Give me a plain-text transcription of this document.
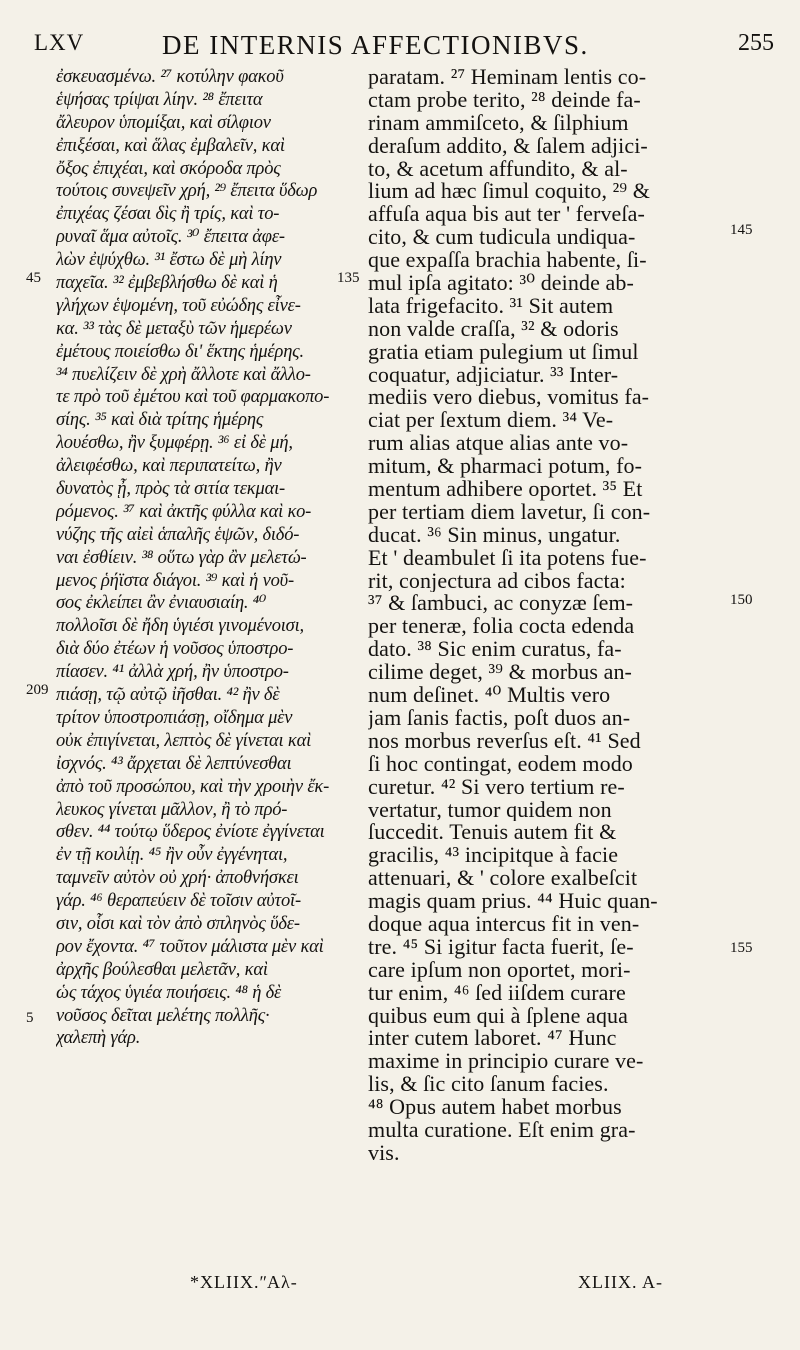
LXV	DE INTERNIS AFFECTIONIBVS.	255
ἐσκευασμένω. ²⁷ κοτύλην φακοῦ
ἑψήσας τρίψαι λίην. ²⁸ ἔπειτα
ἄλευρον ὑπομίξαι, καὶ σίλφιον
ἐπιξέσαι, καὶ ἅλας ἐμβαλεῖν, καὶ
ὄξος ἐπιχέαι, καὶ σκόροδα πρὸς
τούτοις συνεψεῖν χρή, ²⁹ ἔπειτα ὕδωρ
ἐπιχέας ζέσαι δὶς ἢ τρίς, καὶ το-
ρυναῖ ἅμα αὐτοῖς. ³⁰ ἔπειτα ἀφε-
λὼν ἐψύχθω. ³¹ ἔστω δὲ μὴ λίην
παχεῖα. ³² ἐμβεβλήσθω δὲ καὶ ἡ
γλήχων ἑψομένη, τοῦ εὐώδης εἶνε-
κα. ³³ τὰς δὲ μεταξὺ τῶν ἡμερέων
ἐμέτους ποιείσθω δι' ἕκτης ἡμέρης.
³⁴ πυελίζειν δὲ χρὴ ἄλλοτε καὶ ἄλλο-
τε πρὸ τοῦ ἐμέτου καὶ τοῦ φαρμακοπο-
σίης. ³⁵ καὶ διὰ τρίτης ἡμέρης
λουέσθω, ἢν ξυμφέρῃ. ³⁶ εἰ δὲ μή,
ἀλειφέσθω, καὶ περιπατείτω, ἢν
δυνατὸς ᾖ, πρὸς τὰ σιτία τεκμαι-
ρόμενος. ³⁷ καὶ ἀκτῆς φύλλα καὶ κο-
νύζης τῆς αἰεὶ ἁπαλῆς ἑψῶν, διδό-
ναι ἐσθίειν. ³⁸ οὕτω γὰρ ἂν μελετώ-
μενος ῥήϊστα διάγοι. ³⁹ καὶ ἡ νοῦ-
σος ἐκλείπει ἂν ἐνιαυσιαίη. ⁴⁰
πολλοῖσι δὲ ἤδη ὑγιέσι γινομένοισι,
διὰ δύο ἐτέων ἡ νοῦσος ὑποστρο-
πίασεν. ⁴¹ ἀλλὰ χρή, ἢν ὑποστρο-
πιάσῃ, τῷ αὐτῷ ἰῆσθαι. ⁴² ἢν δὲ
τρίτον ὑποστροπιάσῃ, οἴδημα μὲν
οὐκ ἐπιγίνεται, λεπτὸς δὲ γίνεται καὶ
ἰσχνός. ⁴³ ἄρχεται δὲ λεπτύνεσθαι
ἀπὸ τοῦ προσώπου, καὶ τὴν χροιὴν ἔκ-
λευκος γίνεται μᾶλλον, ἢ τὸ πρό-
σθεν. ⁴⁴ τούτῳ ὕδερος ἐνίοτε ἐγγίνεται
ἐν τῇ κοιλίῃ. ⁴⁵ ἢν οὖν ἐγγένηται,
ταμνεῖν αὐτὸν οὐ χρή· ἀποθνήσκει
γάρ. ⁴⁶ θεραπεύειν δὲ τοῖσιν αὐτοῖ-
σιν, οἷσι καὶ τὸν ἀπὸ σπληνὸς ὕδε-
ρον ἔχοντα. ⁴⁷ τοῦτον μάλιστα μὲν καὶ
ἀρχῆς βούλεσθαι μελετᾶν, καὶ
ὡς τάχος ὑγιέα ποιήσεις. ⁴⁸ ἡ δὲ
νοῦσος δεῖται μελέτης πολλῆς·
χαλεπὴ γάρ.
paratam. ²⁷ Heminam lentis co-
ctam probe terito, ²⁸ deinde fa-
rinam ammiſceto, & ſilphium
deraſum addito, & ſalem adjici-
to, & acetum affundito, & al-
lium ad hæc ſimul coquito, ²⁹ &
affuſa aqua bis aut ter ' ferveſa-
cito, & cum tudicula undiqua-
que expaſſa brachia habente, ſi-
mul ipſa agitato: ³⁰ deinde ab-
lata frigefacito. ³¹ Sit autem
non valde craſſa, ³² & odoris
gratia etiam pulegium ut ſimul
coquatur, adjiciatur. ³³ Inter-
mediis vero diebus, vomitus fa-
ciat per ſextum diem. ³⁴ Ve-
rum alias atque alias ante vo-
mitum, & pharmaci potum, fo-
mentum adhibere oportet. ³⁵ Et
per tertiam diem lavetur, ſi con-
ducat. ³⁶ Sin minus, ungatur.
Et ' deambulet ſi ita potens fue-
rit, conjectura ad cibos facta:
³⁷ & ſambuci, ac conyzæ ſem-
per teneræ, folia cocta edenda
dato. ³⁸ Sic enim curatus, fa-
cilime deget, ³⁹ & morbus an-
num deſinet. ⁴⁰ Multis vero
jam ſanis factis, poſt duos an-
nos morbus reverſus eſt. ⁴¹ Sed
ſi hoc contingat, eodem modo
curetur. ⁴² Si vero tertium re-
vertatur, tumor quidem non
ſuccedit. Tenuis autem fit &
gracilis, ⁴³ incipitque à facie
attenuari, & ' colore exalbeſcit
magis quam prius. ⁴⁴ Huic quan-
doque aqua intercus fit in ven-
tre. ⁴⁵ Si igitur facta fuerit, ſe-
care ipſum non oportet, mori-
tur enim, ⁴⁶ ſed iiſdem curare
quibus eum qui à ſplene aqua
inter cutem laboret. ⁴⁷ Hunc
maxime in principio curare ve-
lis, & ſic cito ſanum facies.
⁴⁸ Opus autem habet morbus
multa curatione. Eſt enim gra-
vis.
45
209
5
135
145
150
155
*XLIIX.ʺΑλ-	XLIIX. A-
